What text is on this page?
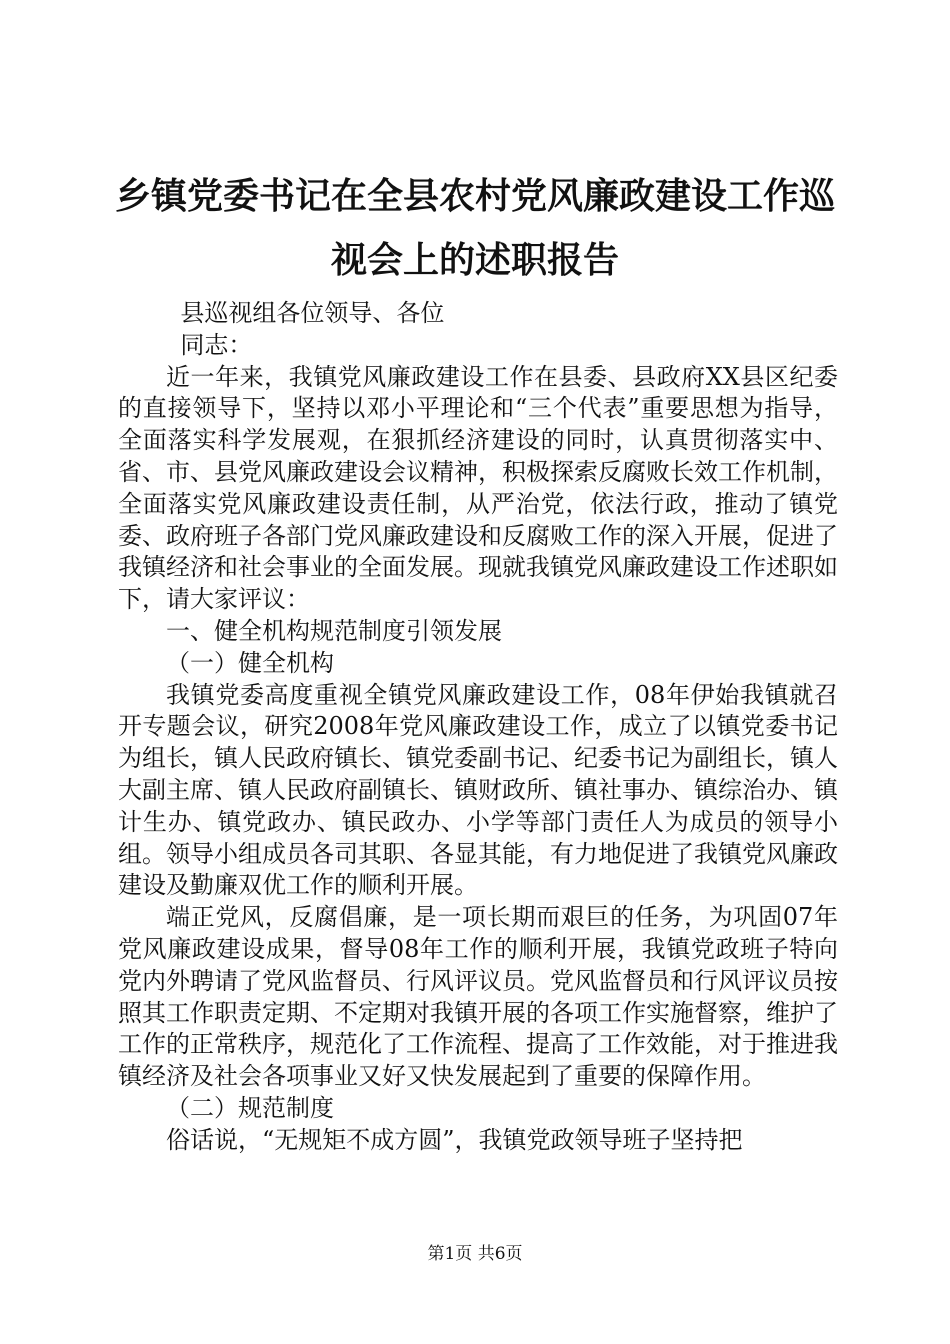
乡镇党委书记在全县农村党风廉政建设工作巡视会上的述职报告

县巡视组各位领导、各位

同志：

近一年来，我镇党风廉政建设工作在县委、县政府XX县区纪委的直接领导下，坚持以邓小平理论和“三个代表”重要思想为指导，全面落实科学发展观，在狠抓经济建设的同时，认真贯彻落实中、省、市、县党风廉政建设会议精神，积极探索反腐败长效工作机制，全面落实党风廉政建设责任制，从严治党，依法行政，推动了镇党委、政府班子各部门党风廉政建设和反腐败工作的深入开展，促进了我镇经济和社会事业的全面发展。现就我镇党风廉政建设工作述职如下，请大家评议：

一、健全机构规范制度引领发展

（一）健全机构

我镇党委高度重视全镇党风廉政建设工作，08年伊始我镇就召开专题会议，研究2008年党风廉政建设工作，成立了以镇党委书记为组长，镇人民政府镇长、镇党委副书记、纪委书记为副组长，镇人大副主席、镇人民政府副镇长、镇财政所、镇社事办、镇综治办、镇计生办、镇党政办、镇民政办、小学等部门责任人为成员的领导小组。领导小组成员各司其职、各显其能，有力地促进了我镇党风廉政建设及勤廉双优工作的顺利开展。

端正党风，反腐倡廉，是一项长期而艰巨的任务，为巩固07年党风廉政建设成果，督导08年工作的顺利开展，我镇党政班子特向党内外聘请了党风监督员、行风评议员。党风监督员和行风评议员按照其工作职责定期、不定期对我镇开展的各项工作实施督察，维护了工作的正常秩序，规范化了工作流程、提高了工作效能，对于推进我镇经济及社会各项事业又好又快发展起到了重要的保障作用。

（二）规范制度

俗话说，“无规矩不成方圆”，我镇党政领导班子坚持把

第1页 共6页
